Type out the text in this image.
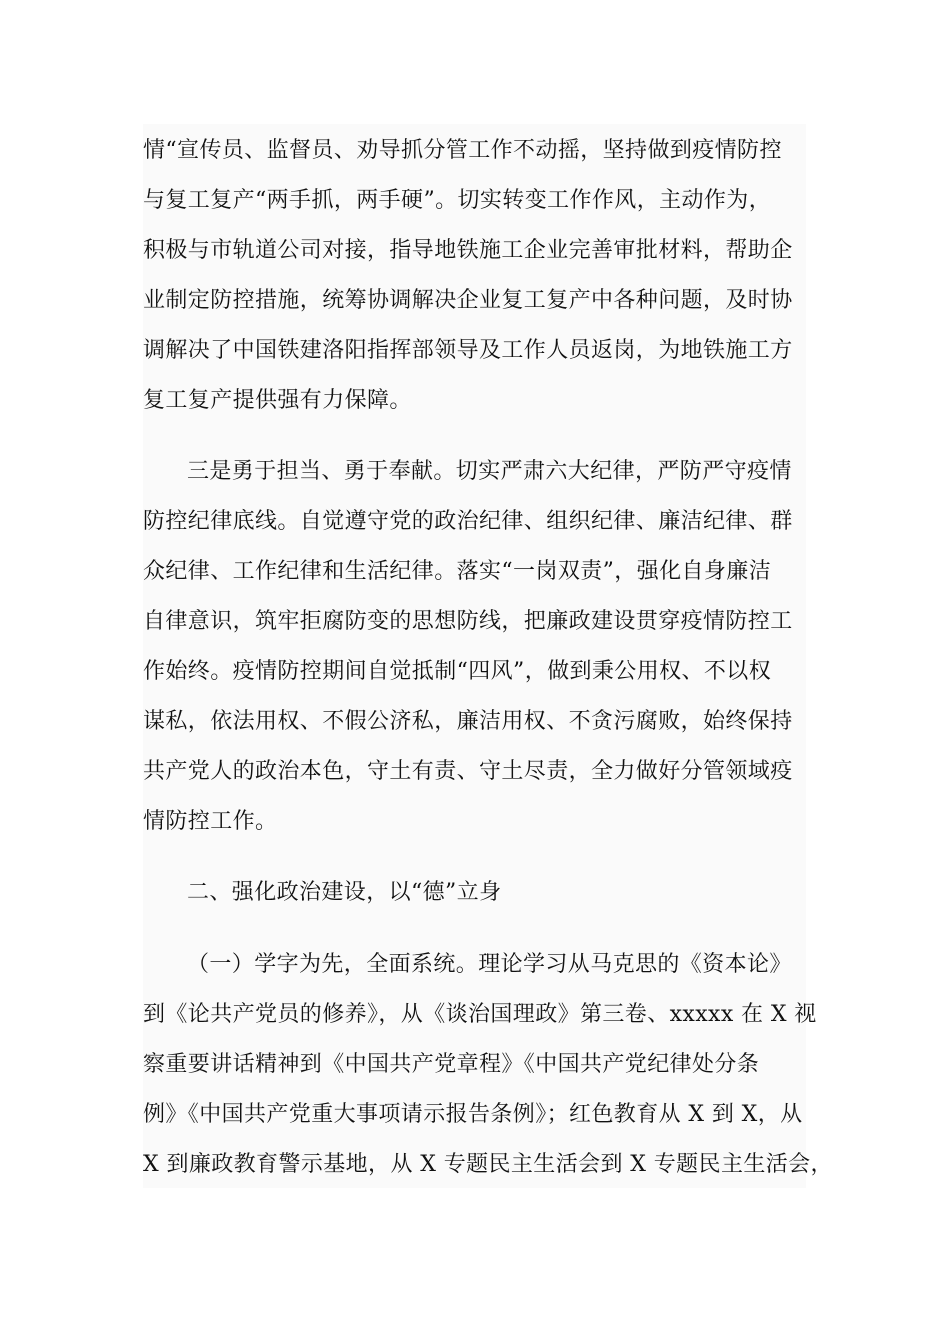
情“宣传员、监督员、劝导抓分管工作不动摇，坚持做到疫情防控

与复工复产“两手抓，两手硬”。切实转变工作作风，主动作为，

积极与市轨道公司对接，指导地铁施工企业完善审批材料，帮助企

业制定防控措施，统筹协调解决企业复工复产中各种问题，及时协

调解决了中国铁建洛阳指挥部领导及工作人员返岗，为地铁施工方

复工复产提供强有力保障。

三是勇于担当、勇于奉献。切实严肃六大纪律，严防严守疫情

防控纪律底线。自觉遵守党的政治纪律、组织纪律、廉洁纪律、群

众纪律、工作纪律和生活纪律。落实“一岗双责”，强化自身廉洁

自律意识，筑牢拒腐防变的思想防线，把廉政建设贯穿疫情防控工

作始终。疫情防控期间自觉抵制“四风”，做到秉公用权、不以权

谋私，依法用权、不假公济私，廉洁用权、不贪污腐败，始终保持

共产党人的政治本色，守土有责、守土尽责，全力做好分管领域疫

情防控工作。

二、强化政治建设，以“德”立身

（一）学字为先，全面系统。理论学习从马克思的《资本论》

到《论共产党员的修养》，从《谈治国理政》第三卷、xxxxx 在 X 视

察重要讲话精神到《中国共产党章程》《中国共产党纪律处分条

例》《中国共产党重大事项请示报告条例》；红色教育从 X 到 X，从

X 到廉政教育警示基地，从 X 专题民主生活会到 X 专题民主生活会，
